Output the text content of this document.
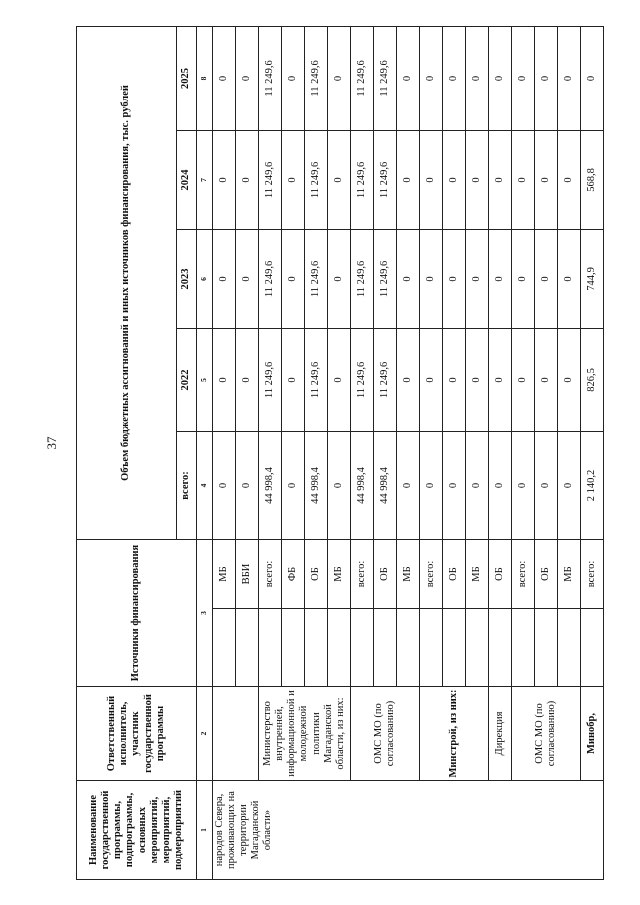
37
Наименование государственной программы, подпрограммы, основных мероприятий, мероприятий, подмероприятий	Ответственный исполнитель, участник государственной программы	Источники финансирования		Объем бюджетных ассигнований и иных источников финансирования, тыс. рублей				
				всего:	2022	2023	2024	2025
1	2	3		4	5	6	7	8
народов Севера, проживающих на территории Магаданской области»			МБ	0	0	0	0	0
			ВБИ	0	0	0	0	0
	Министерство внутренней, информационной и молодежной политики Магаданской области, из них:		всего:	44 998,4	11 249,6	11 249,6	11 249,6	11 249,6
			ФБ	0	0	0	0	0
			ОБ	44 998,4	11 249,6	11 249,6	11 249,6	11 249,6
			МБ	0	0	0	0	0
	ОМС МО (по согласованию)		всего:	44 998,4	11 249,6	11 249,6	11 249,6	11 249,6
			ОБ	44 998,4	11 249,6	11 249,6	11 249,6	11 249,6
			МБ	0	0	0	0	0
	Минстрой, из них:		всего:	0	0	0	0	0
			ОБ	0	0	0	0	0
			МБ	0	0	0	0	0
	Дирекция		ОБ	0	0	0	0	0
	ОМС МО (по согласованию)		всего:	0	0	0	0	0
			ОБ	0	0	0	0	0
			МБ	0	0	0	0	0
	Минобр,		всего:	2 140,2	826,5	744,9	568,8	0
